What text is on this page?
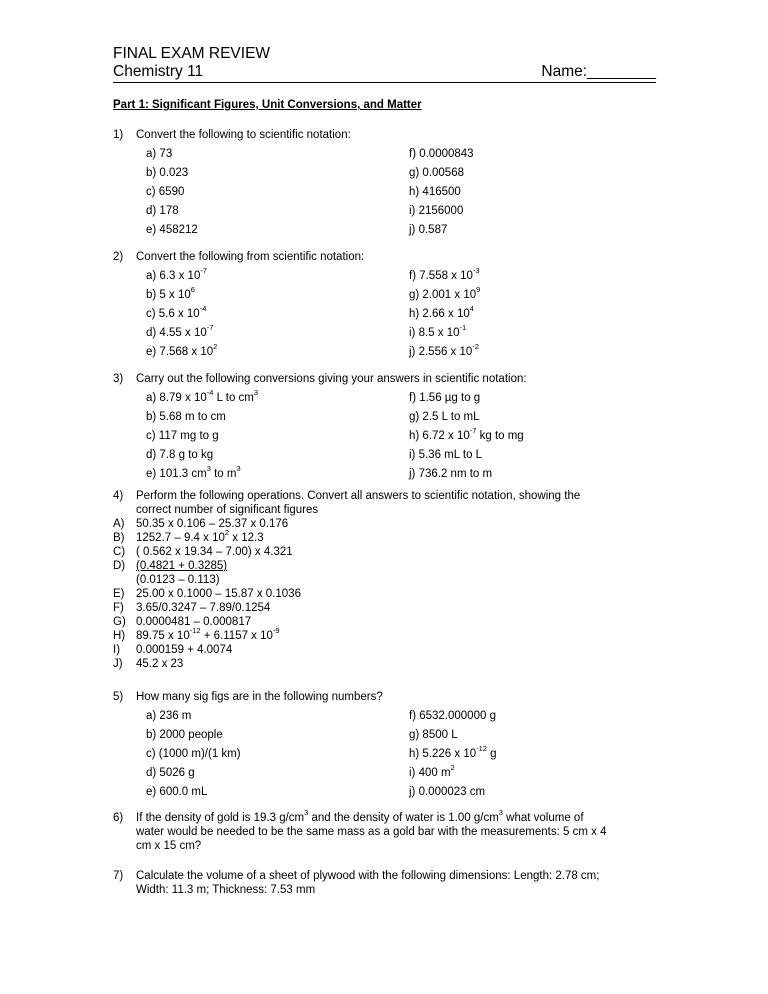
FINAL EXAM REVIEW
Chemistry 11	Name:________
Part 1: Significant Figures, Unit Conversions, and Matter
1) Convert the following to scientific notation:
a) 73	f) 0.0000843
b) 0.023	g) 0.00568
c) 6590	h) 416500
d) 178	i) 2156000
e) 458212	j) 0.587
2) Convert the following from scientific notation:
a) 6.3 x $10^{-7}$	f) 7.558 x $10^{-3}$
b) 5 x $10^6$	g) 2.001 x $10^9$
c) 5.6 x $10^{-4}$	h) 2.66 x $10^4$
d) 4.55 x $10^{-7}$	i) 8.5 x $10^{-1}$
e) 7.568 x $10^2$	j) 2.556 x $10^{-2}$
3) Carry out the following conversions giving your answers in scientific notation:
a) 8.79 x $10^{-4}$ L to $cm^3$	f) 1.56 µg to g
b) 5.68 m to cm	g) 2.5 L to mL
c) 117 mg to g	h) 6.72 x $10^{-7}$ kg to mg
d) 7.8 g to kg	i) 5.36 mL to L
e) 101.3 $cm^3$ to $m^3$	j) 736.2 nm to m
4) Perform the following operations. Convert all answers to scientific notation, showing the
correct number of significant figures
A) 50.35 x 0.106 – 25.37 x 0.176
B) 1252.7 – 9.4 x $10^2$ x 12.3
C) ( 0.562 x 19.34 – 7.00) x 4.321
D) (0.4821 + 0.3285)
(0.0123 – 0.113)
E) 25.00 x 0.1000 – 15.87 x 0.1036
F) 3.65/0.3247 – 7.89/0.1254
G) 0.0000481 – 0.000817
H) 89.75 x $10^{-12} + 6.1157$ x $10^{-9}$
I) 0.000159 + 4.0074
J) 45.2 x 23
5) How many sig figs are in the following numbers?
a) 236 m	f) 6532.000000 g
b) 2000 people	g) 8500 L
c) (1000 m)/(1 km)	h) 5.226 x $10^{-12}$ g
d) 5026 g	i) 400 $m^2$
e) 600.0 mL	j) 0.000023 cm
6) If the density of gold is 19.3 $g/cm^3$ and the density of water is 1.00 $g/cm^3$ what volume of
water would be needed to be the same mass as a gold bar with the measurements: 5 cm x 4
cm x 15 cm?
7) Calculate the volume of a sheet of plywood with the following dimensions: Length: 2.78 cm;
Width: 11.3 m; Thickness: 7.53 mm
